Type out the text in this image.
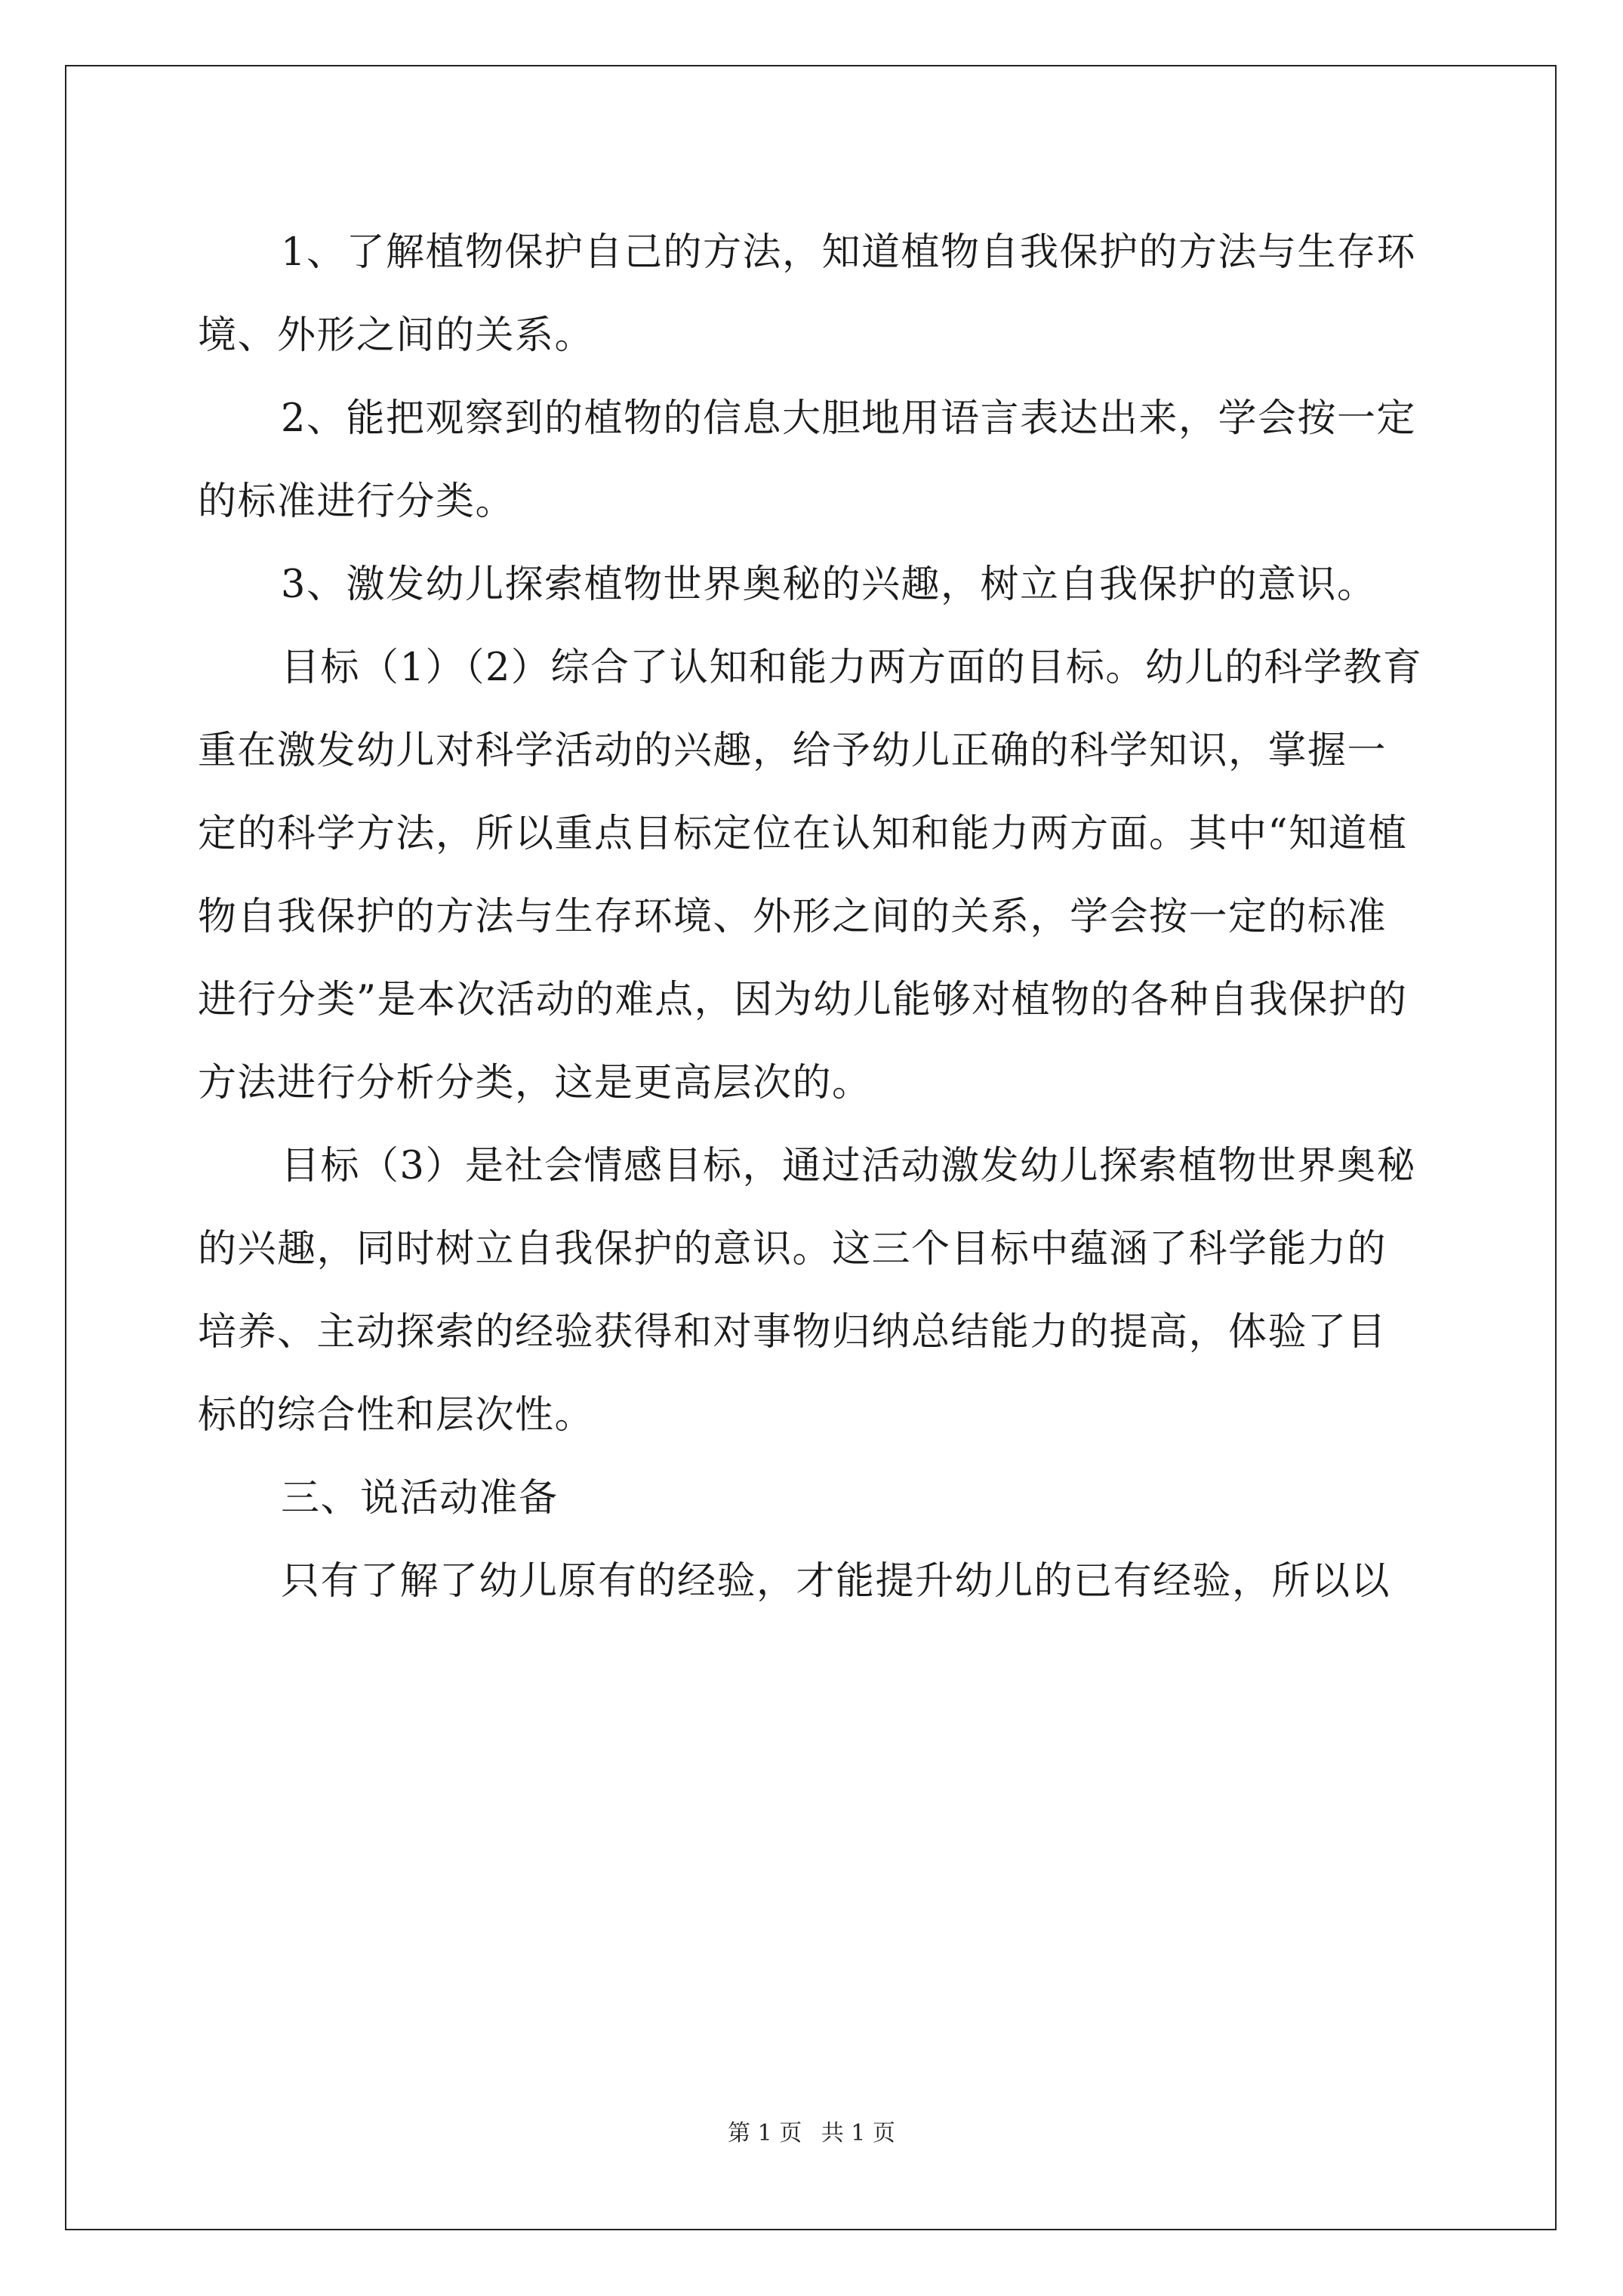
1、了解植物保护自己的方法，知道植物自我保护的方法与生存环境、外形之间的关系。

2、能把观察到的植物的信息大胆地用语言表达出来，学会按一定的标准进行分类。

3、激发幼儿探索植物世界奥秘的兴趣，树立自我保护的意识。

目标（1）（2）综合了认知和能力两方面的目标。幼儿的科学教育重在激发幼儿对科学活动的兴趣，给予幼儿正确的科学知识，掌握一定的科学方法，所以重点目标定位在认知和能力两方面。其中“知道植物自我保护的方法与生存环境、外形之间的关系，学会按一定的标准进行分类”是本次活动的难点，因为幼儿能够对植物的各种自我保护的方法进行分析分类，这是更高层次的。

目标（3）是社会情感目标，通过活动激发幼儿探索植物世界奥秘的兴趣，同时树立自我保护的意识。这三个目标中蕴涵了科学能力的培养、主动探索的经验获得和对事物归纳总结能力的提高，体验了目标的综合性和层次性。

三、说活动准备

只有了解了幼儿原有的经验，才能提升幼儿的已有经验，所以以

第 1 页 共 1 页
